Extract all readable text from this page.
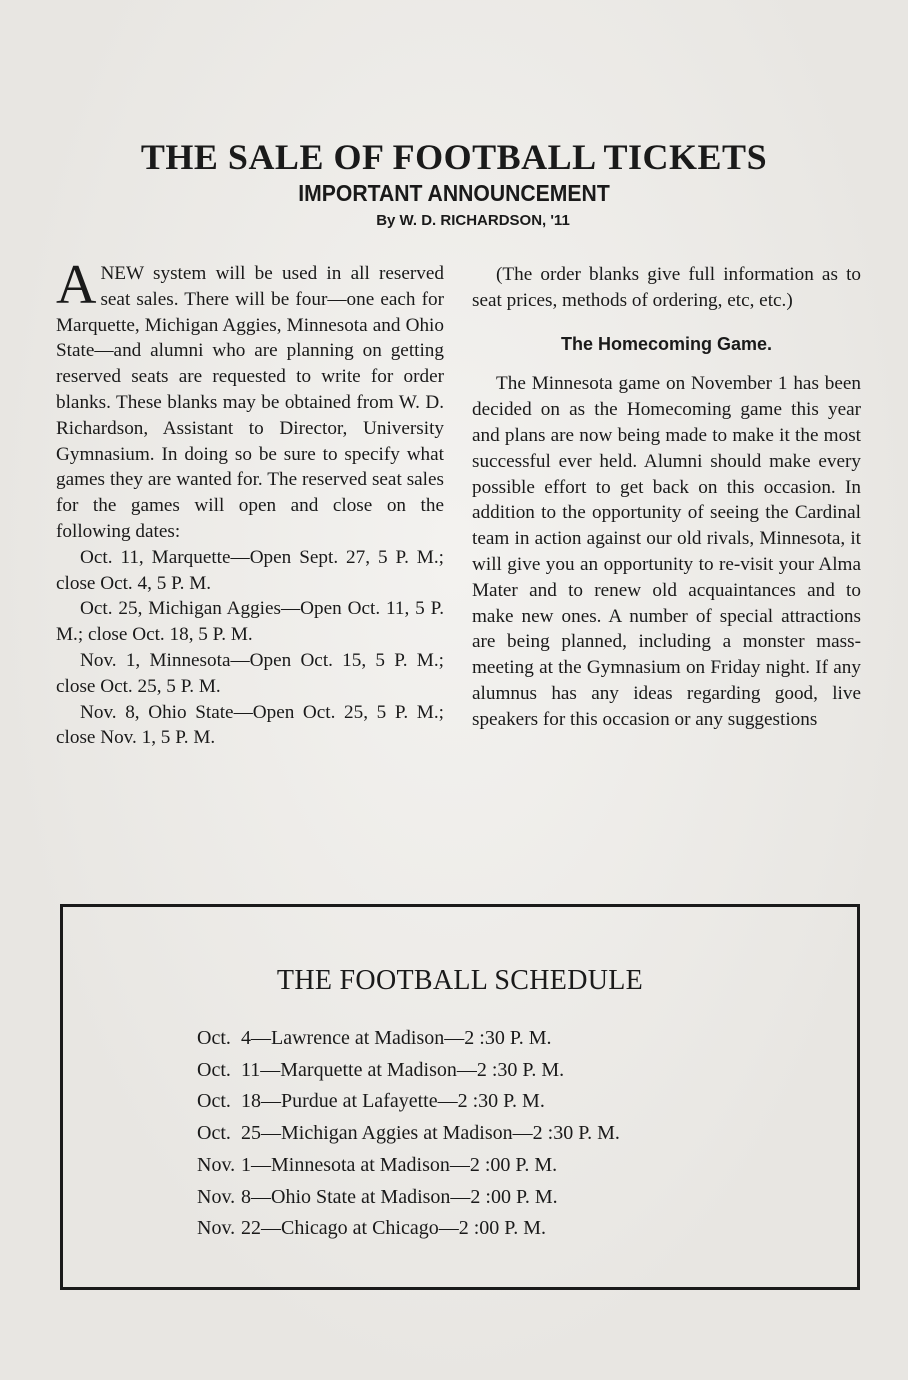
THE SALE OF FOOTBALL TICKETS
IMPORTANT ANNOUNCEMENT
By W. D. RICHARDSON, '11

ANEW system will be used in all reserved seat sales. There will be four—one each for Marquette, Michigan Aggies, Minnesota and Ohio State—and alumni who are planning on getting reserved seats are requested to write for order blanks. These blanks may be obtained from W. D. Richardson, Assistant to Director, University Gymnasium. In doing so be sure to specify what games they are wanted for. The reserved seat sales for the games will open and close on the following dates:

Oct. 11, Marquette—Open Sept. 27, 5 P. M.; close Oct. 4, 5 P. M.

Oct. 25, Michigan Aggies—Open Oct. 11, 5 P. M.; close Oct. 18, 5 P. M.

Nov. 1, Minnesota—Open Oct. 15, 5 P. M.; close Oct. 25, 5 P. M.

Nov. 8, Ohio State—Open Oct. 25, 5 P. M.; close Nov. 1, 5 P. M.

(The order blanks give full information as to seat prices, methods of ordering, etc, etc.)

The Homecoming Game.

The Minnesota game on November 1 has been decided on as the Homecoming game this year and plans are now being made to make it the most successful ever held. Alumni should make every possible effort to get back on this occasion. In addition to the opportunity of seeing the Cardinal team in action against our old rivals, Minnesota, it will give you an opportunity to re-visit your Alma Mater and to renew old acquaintances and to make new ones. A number of special attractions are being planned, including a monster mass-meeting at the Gymnasium on Friday night. If any alumnus has any ideas regarding good, live speakers for this occasion or any suggestions

THE FOOTBALL SCHEDULE
Oct. 4—Lawrence at Madison—2 :30 P. M.
Oct. 11—Marquette at Madison—2 :30 P. M.
Oct. 18—Purdue at Lafayette—2 :30 P. M.
Oct. 25—Michigan Aggies at Madison—2 :30 P. M.
Nov. 1—Minnesota at Madison—2 :00 P. M.
Nov. 8—Ohio State at Madison—2 :00 P. M.
Nov. 22—Chicago at Chicago—2 :00 P. M.
